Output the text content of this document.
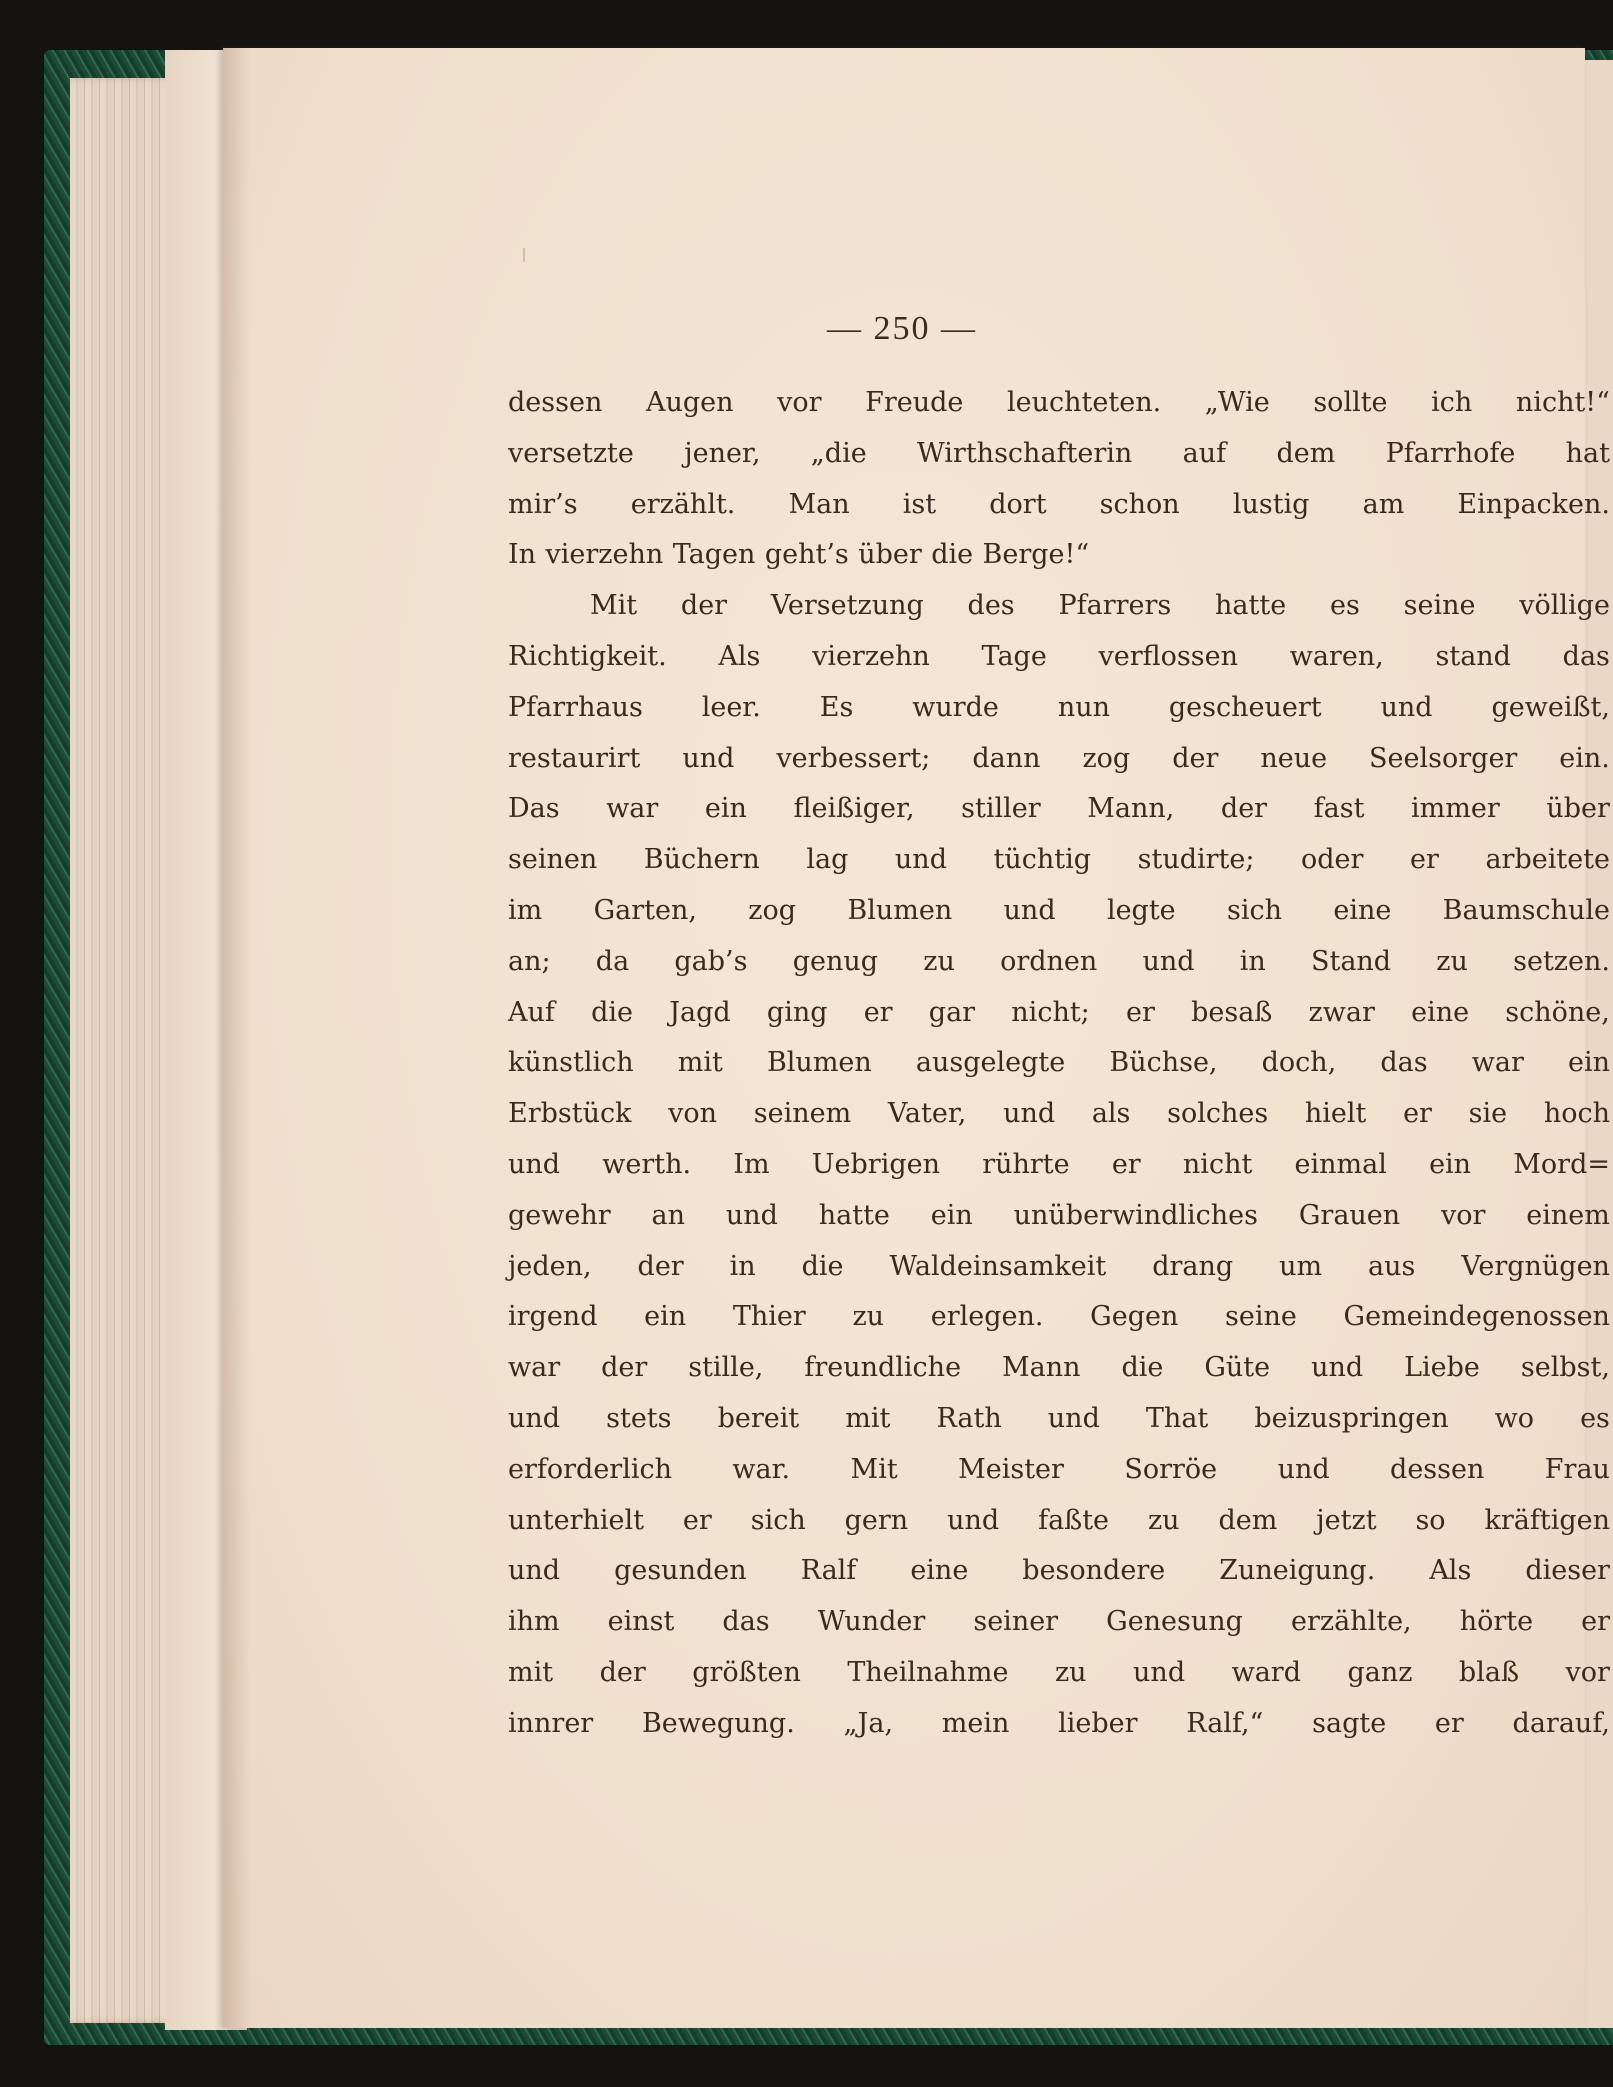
— 250 —
dessen Augen vor Freude leuchteten. „Wie sollte ich nicht!“
versetzte jener, „die Wirthschafterin auf dem Pfarrhofe hat
mir’s erzählt. Man ist dort schon lustig am Einpacken.
In vierzehn Tagen geht’s über die Berge!“
Mit der Versetzung des Pfarrers hatte es seine völlige
Richtigkeit. Als vierzehn Tage verflossen waren, stand das
Pfarrhaus leer. Es wurde nun gescheuert und geweißt,
restaurirt und verbessert; dann zog der neue Seelsorger ein.
Das war ein fleißiger, stiller Mann, der fast immer über
seinen Büchern lag und tüchtig studirte; oder er arbeitete
im Garten, zog Blumen und legte sich eine Baumschule
an; da gab’s genug zu ordnen und in Stand zu setzen.
Auf die Jagd ging er gar nicht; er besaß zwar eine schöne,
künstlich mit Blumen ausgelegte Büchse, doch, das war ein
Erbstück von seinem Vater, und als solches hielt er sie hoch
und werth. Im Uebrigen rührte er nicht einmal ein Mord=
gewehr an und hatte ein unüberwindliches Grauen vor einem
jeden, der in die Waldeinsamkeit drang um aus Vergnügen
irgend ein Thier zu erlegen. Gegen seine Gemeindegenossen
war der stille, freundliche Mann die Güte und Liebe selbst,
und stets bereit mit Rath und That beizuspringen wo es
erforderlich war. Mit Meister Sorröe und dessen Frau
unterhielt er sich gern und faßte zu dem jetzt so kräftigen
und gesunden Ralf eine besondere Zuneigung. Als dieser
ihm einst das Wunder seiner Genesung erzählte, hörte er
mit der größten Theilnahme zu und ward ganz blaß vor
innrer Bewegung. „Ja, mein lieber Ralf,“ sagte er darauf,
